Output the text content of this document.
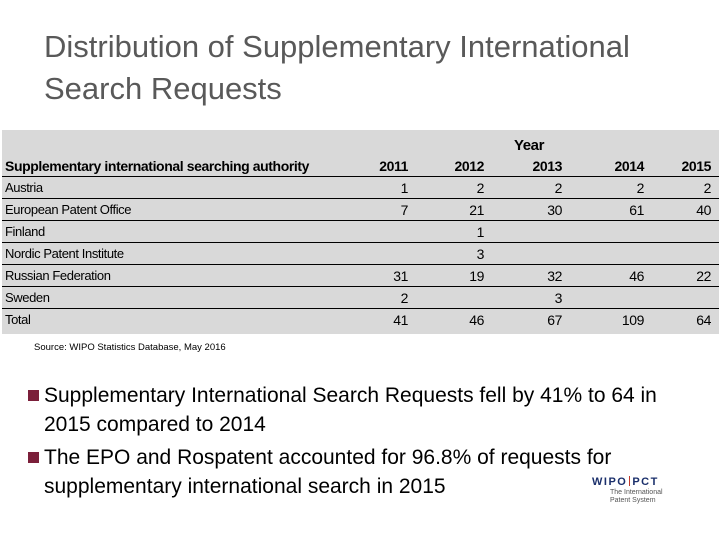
Distribution of Supplementary International Search Requests
	Year				
Supplementary international searching authority	2011	2012	2013	2014	2015
Austria	1	2	2	2	2
European Patent Office	7	21	30	61	40
Finland		1			
Nordic Patent Institute		3			
Russian Federation	31	19	32	46	22
Sweden	2		3		
Total	41	46	67	109	64
Source: WIPO Statistics Database, May 2016
Supplementary International Search Requests fell by 41% to 64 in 2015 compared to 2014
The EPO and Rospatent accounted for 96.8% of requests for supplementary international search in 2015	WIPO PCT
The International
Patent System
